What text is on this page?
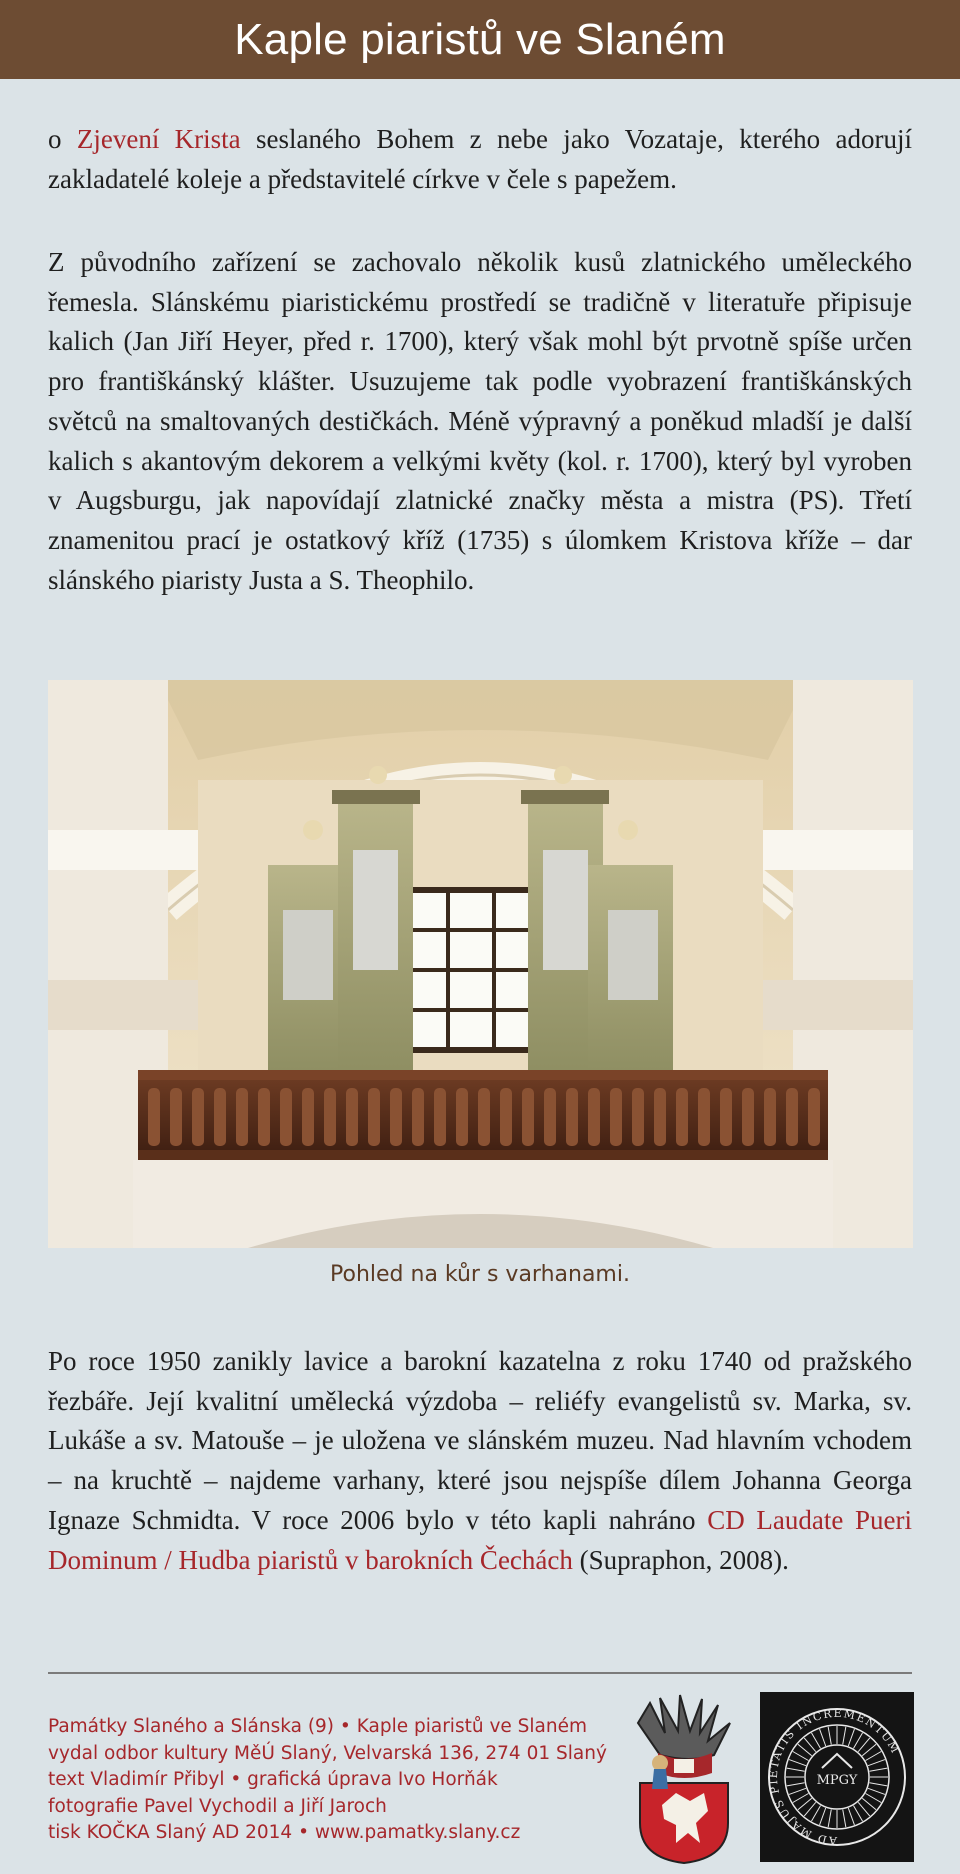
Kaple piaristů ve Slaném

o Zjevení Krista seslaného Bohem z nebe jako Vozataje, kterého adorují zakladatelé koleje a představitelé církve v čele s papežem.

Z původního zařízení se zachovalo několik kusů zlatnického uměleckého řemesla. Slánskému piaristickému prostředí se tradičně v literatuře připisuje kalich (Jan Jiří Heyer, před r. 1700), který však mohl být prvotně spíše určen pro františkánský klášter. Usuzujeme tak podle vyobrazení františkánských světců na smaltovaných destičkách. Méně výpravný a poněkud mladší je další kalich s akantovým dekorem a velkými květy (kol. r. 1700), který byl vyroben v Augsburgu, jak napovídají zlatnické značky města a mistra (PS). Třetí znamenitou prací je ostatkový kříž (1735) s úlomkem Kristova kříže – dar slánského piaristy Justa a S. Theophilo.

Pohled na kůr s varhanami.

Po roce 1950 zanikly lavice a barokní kazatelna z roku 1740 od pražského řezbáře. Její kvalitní umělecká výzdoba – reliéfy evangelistů sv. Marka, sv. Lukáše a sv. Matouše – je uložena ve slánském muzeu. Nad hlavním vchodem – na kruchtě – najdeme varhany, které jsou nejspíše dílem Johanna Georga Ignaze Schmidta. V roce 2006 bylo v této kapli nahráno CD Laudate Pueri Dominum / Hudba piaristů v barokních Čechách (Supraphon, 2008).

Památky Slaného a Slánska (9) • Kaple piaristů ve Slaném
vydal odbor kultury MěÚ Slaný, Velvarská 136, 274 01 Slaný
text Vladimír Přibyl • grafická úprava Ivo Horňák
fotografie Pavel Vychodil a Jiří Jaroch
tisk KOČKA Slaný AD 2014 • www.pamatky.slany.cz
MPGY
AD MAJUS PIETATIS INCREMENTUM
